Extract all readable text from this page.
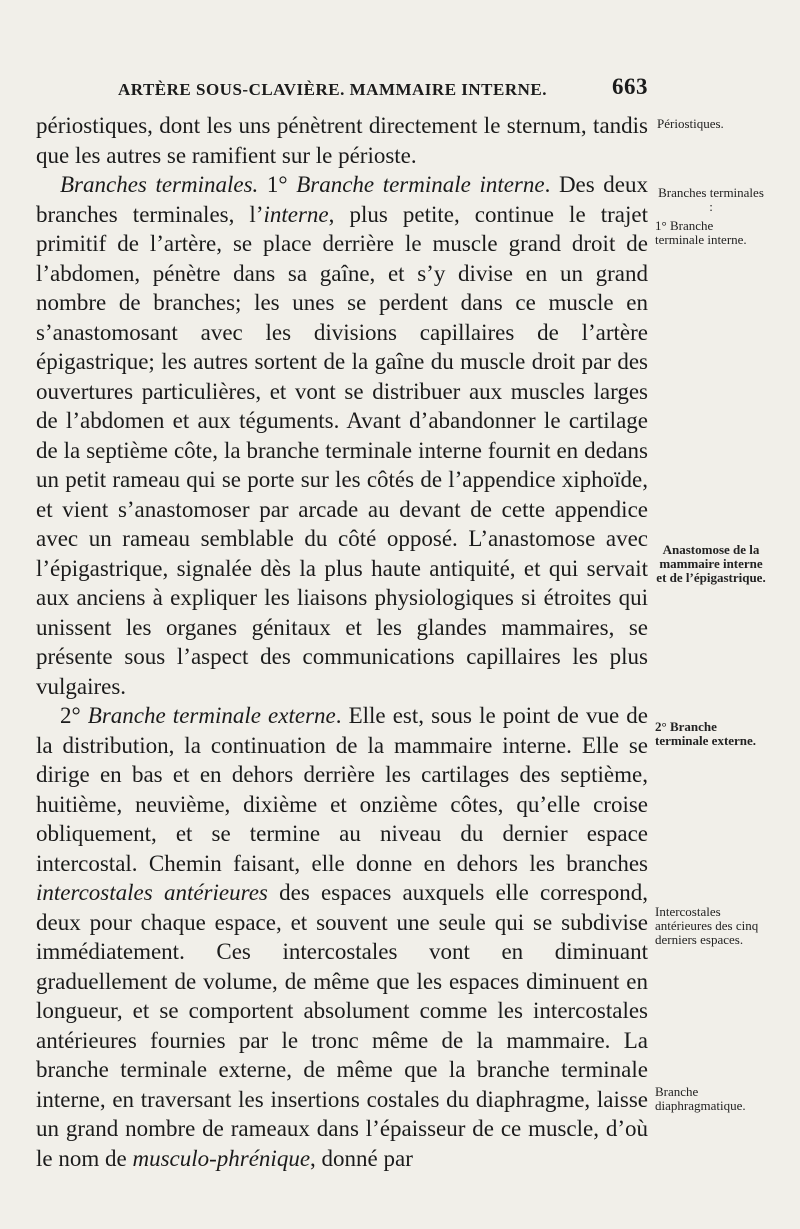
ARTÈRE SOUS-CLAVIÈRE. MAMMAIRE INTERNE.	663

périostiques, dont les uns pénètrent directement le sternum, tandis que les autres se ramifient sur le périoste.

Branches terminales. 1° Branche terminale interne. Des deux branches terminales, l’interne, plus petite, continue le trajet primitif de l’artère, se place derrière le muscle grand droit de l’abdomen, pénètre dans sa gaîne, et s’y divise en un grand nombre de branches; les unes se perdent dans ce muscle en s’anastomosant avec les divisions capillaires de l’artère épigastrique; les autres sortent de la gaîne du muscle droit par des ouvertures particulières, et vont se distribuer aux muscles larges de l’abdomen et aux téguments. Avant d’abandonner le cartilage de la septième côte, la branche terminale interne fournit en dedans un petit rameau qui se porte sur les côtés de l’appendice xiphoïde, et vient s’anastomoser par arcade au devant de cette appendice avec un rameau semblable du côté opposé. L’anastomose avec l’épigastrique, signalée dès la plus haute antiquité, et qui servait aux anciens à expliquer les liaisons physiologiques si étroites qui unissent les organes génitaux et les glandes mammaires, se présente sous l’aspect des communications capillaires les plus vulgaires.

2° Branche terminale externe. Elle est, sous le point de vue de la distribution, la continuation de la mammaire interne. Elle se dirige en bas et en dehors derrière les cartilages des septième, huitième, neuvième, dixième et onzième côtes, qu’elle croise obliquement, et se termine au niveau du dernier espace intercostal. Chemin faisant, elle donne en dehors les branches intercostales antérieures des espaces auxquels elle correspond, deux pour chaque espace, et souvent une seule qui se subdivise immédiatement. Ces intercostales vont en diminuant graduellement de volume, de même que les espaces diminuent en longueur, et se comportent absolument comme les intercostales antérieures fournies par le tronc même de la mammaire. La branche terminale externe, de même que la branche terminale interne, en traversant les insertions costales du diaphragme, laisse un grand nombre de rameaux dans l’épaisseur de ce muscle, d’où le nom de musculo-phrénique, donné par

Périostiques.
Branches terminales :
1° Branche terminale interne.
Anastomose de la mammaire interne et de l’épigastrique.
2° Branche terminale externe.
Intercostales antérieures des cinq derniers espaces.
Branche diaphragmatique.
